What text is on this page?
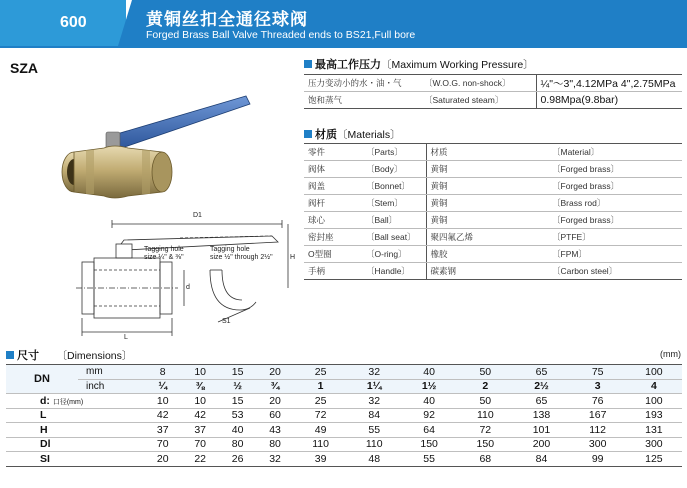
600	黄铜丝扣全通径球阀
Forged Brass Ball Valve Threaded ends to BS21,Full bore
SZA
D1
Tagging hole
size ¼" & ⅜"
Tagging hole
size ½" through 2½" H
d
L
S1
最高工作压力〔Maximum Working Pressure〕
压力变动小的水・油・气	〔W.O.G. non-shock〕	¼"～3",4.12MPa 4",2.75MPa
饱和蒸气	〔Saturated steam〕	0.98Mpa(9.8bar)
材质〔Materials〕
零件	〔Parts〕	材质	〔Material〕
阀体	〔Body〕	黄铜	〔Forged brass〕
阀盖	〔Bonnet〕	黄铜	〔Forged brass〕
阀杆	〔Stem〕	黄铜	〔Brass rod〕
球心	〔Ball〕	黄铜	〔Forged brass〕
密封座	〔Ball seat〕	聚四氟乙烯	〔PTFE〕
O型圈	〔O-ring〕	橡胶	〔FPM〕
手柄	〔Handle〕	碳素钢	〔Carbon steel〕
尺寸 〔Dimensions〕	(mm)
DN	mm	8	10	15	20	25	32	40	50	65	75	100
	inch	¼	⅜	½	¾	1	1¼	1½	2	2½	3	4
d: 口径(mm)		10	10	15	20	25	32	40	50	65	76	100
L		42	42	53	60	72	84	92	110	138	167	193
H		37	37	40	43	49	55	64	72	101	112	131
Dl		70	70	80	80	110	110	150	150	200	300	300
SI		20	22	26	32	39	48	55	68	84	99	125
